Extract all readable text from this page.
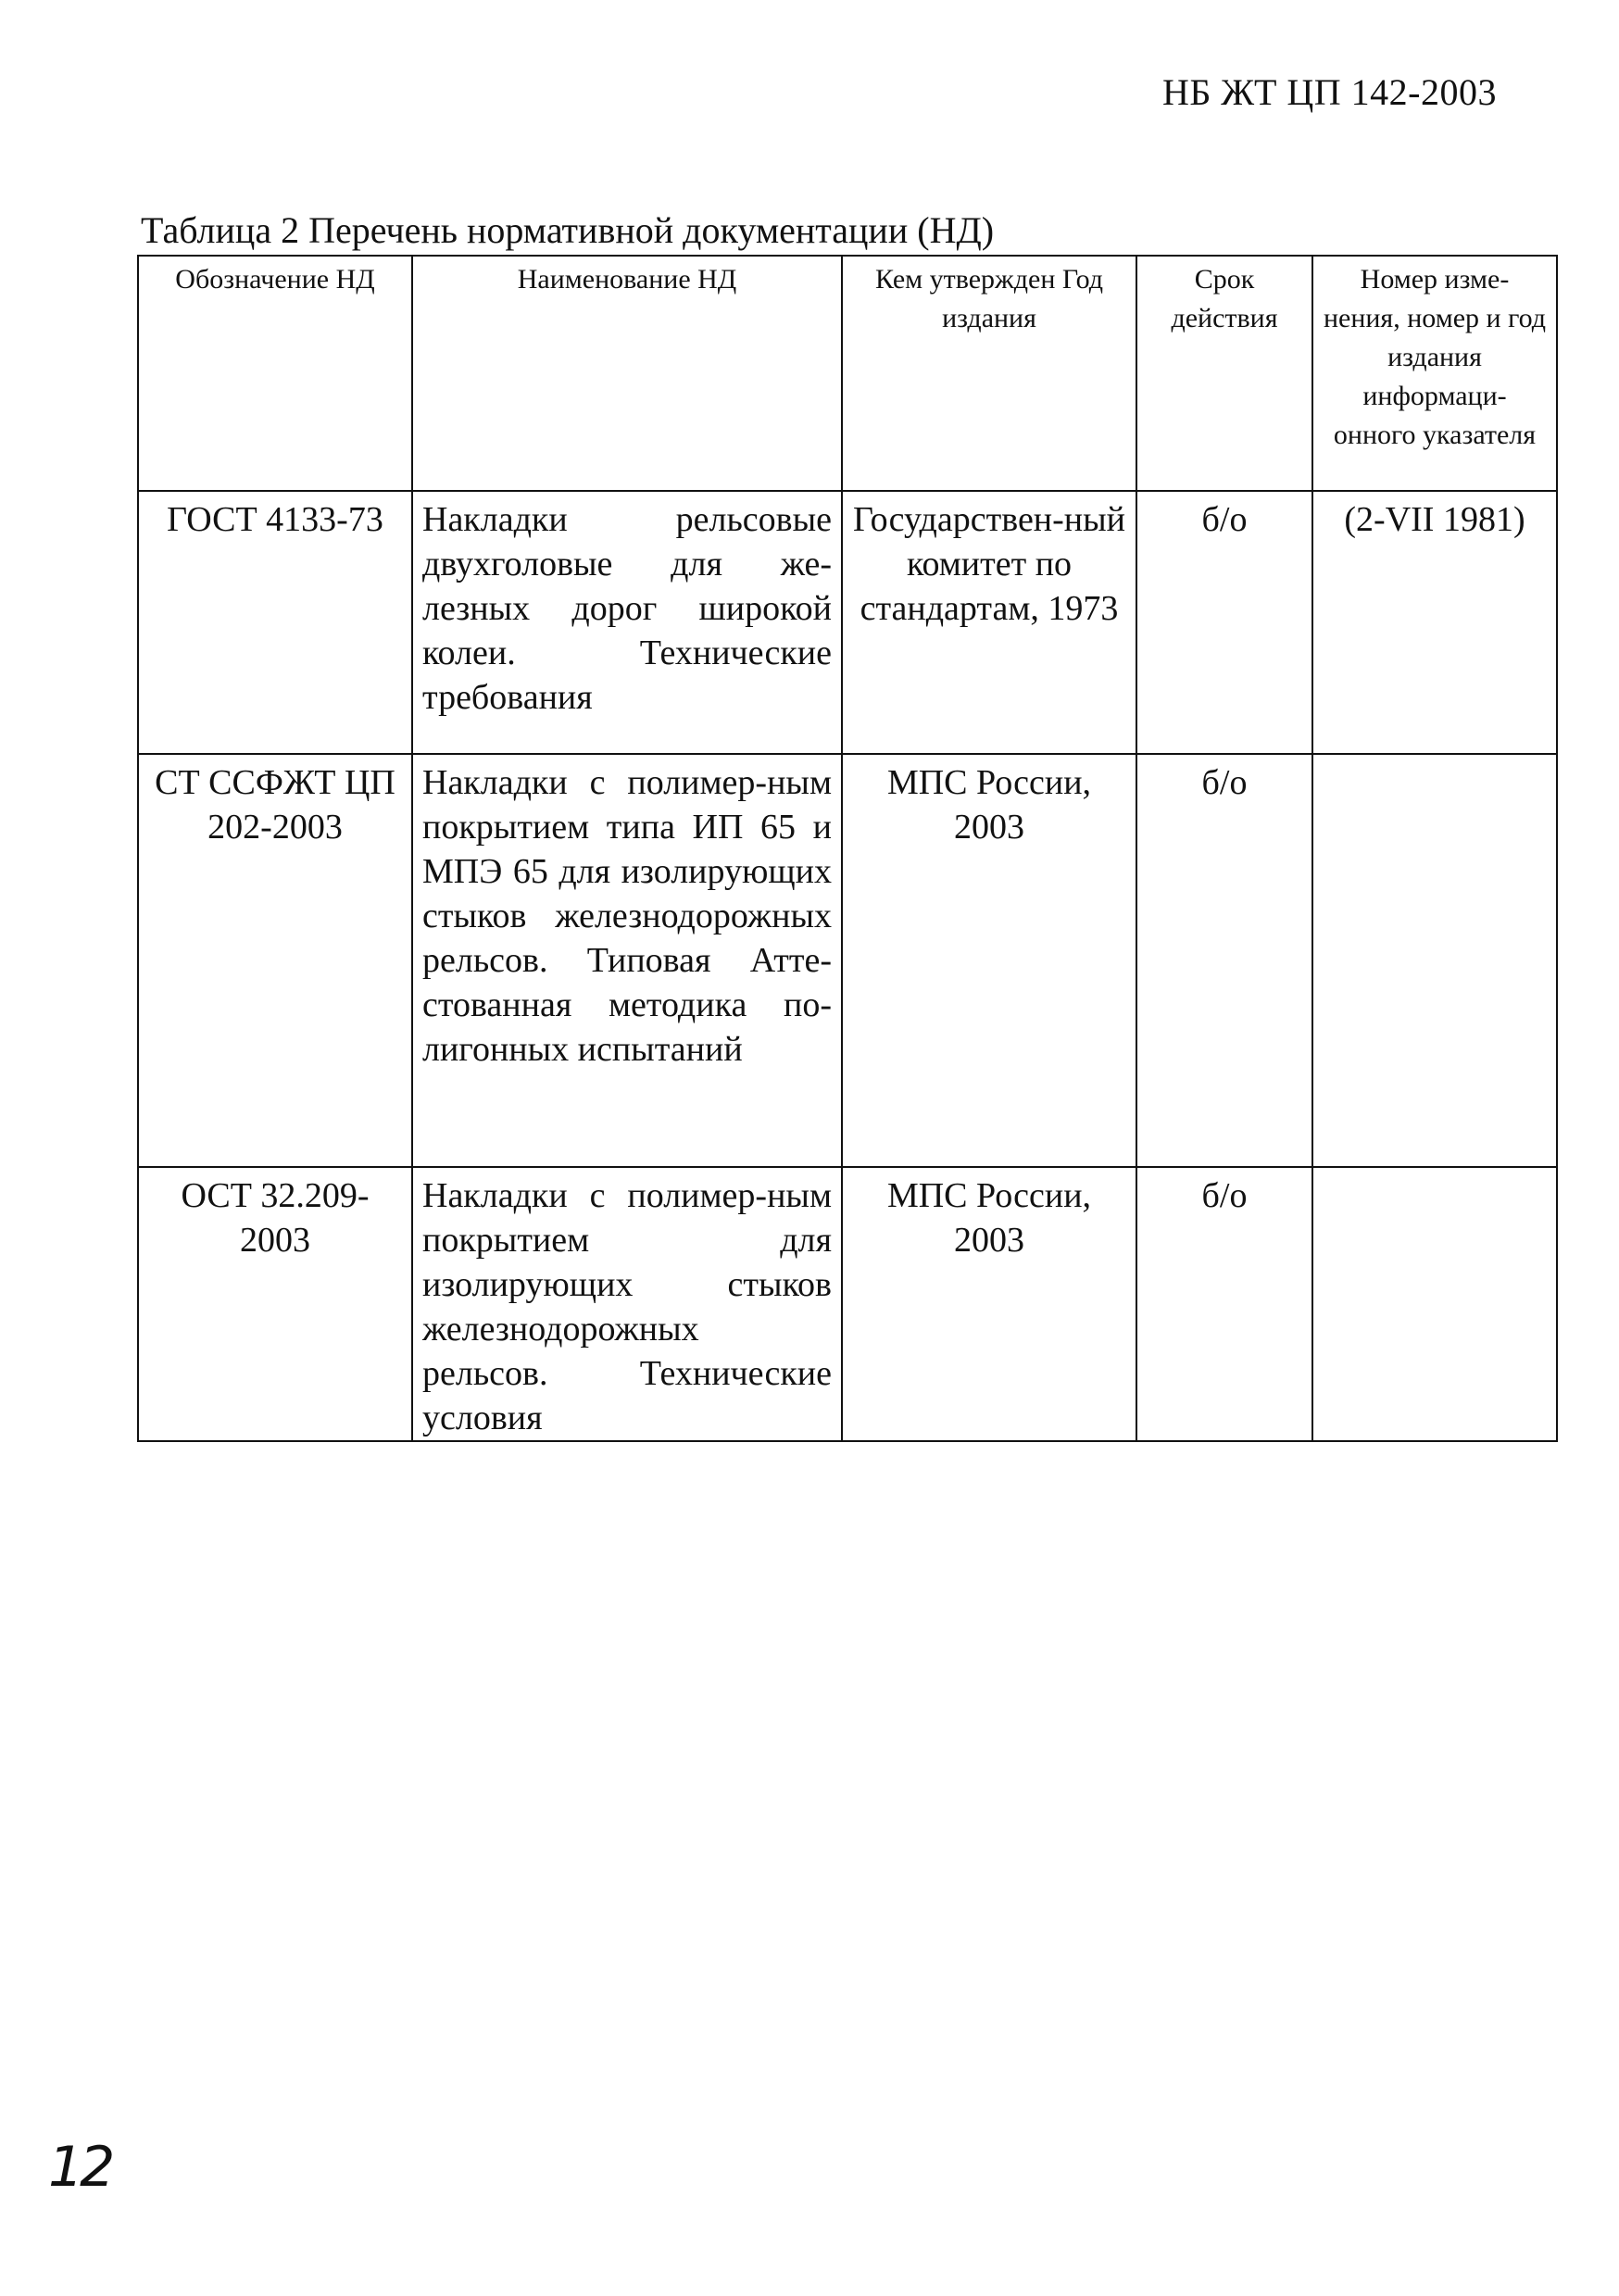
НБ ЖТ ЦП 142-2003
Таблица 2 Перечень нормативной документации (НД)
Обозначение НД	Наименование НД	Кем утвержден Год издания	Срок действия	Номер изме-нения, номер и год издания информаци-онного указателя
ГОСТ 4133-73	Накладки рельсовые двухголовые для же-лезных дорог широкой колеи. Технические требования	Государствен-ный комитет по стандартам, 1973	б/о	(2-VII 1981)
СТ ССФЖТ ЦП 202-2003	Накладки с полимер-ным покрытием типа ИП 65 и МПЭ 65 для изолирующих стыков железнодорожных рельсов. Типовая Атте-стованная методика по-лигонных испытаний	МПС России, 2003	б/о	
ОСТ 32.209-2003	Накладки с полимер-ным покрытием для изолирующих стыков железнодорожных рельсов. Технические условия	МПС России, 2003	б/о	
12
